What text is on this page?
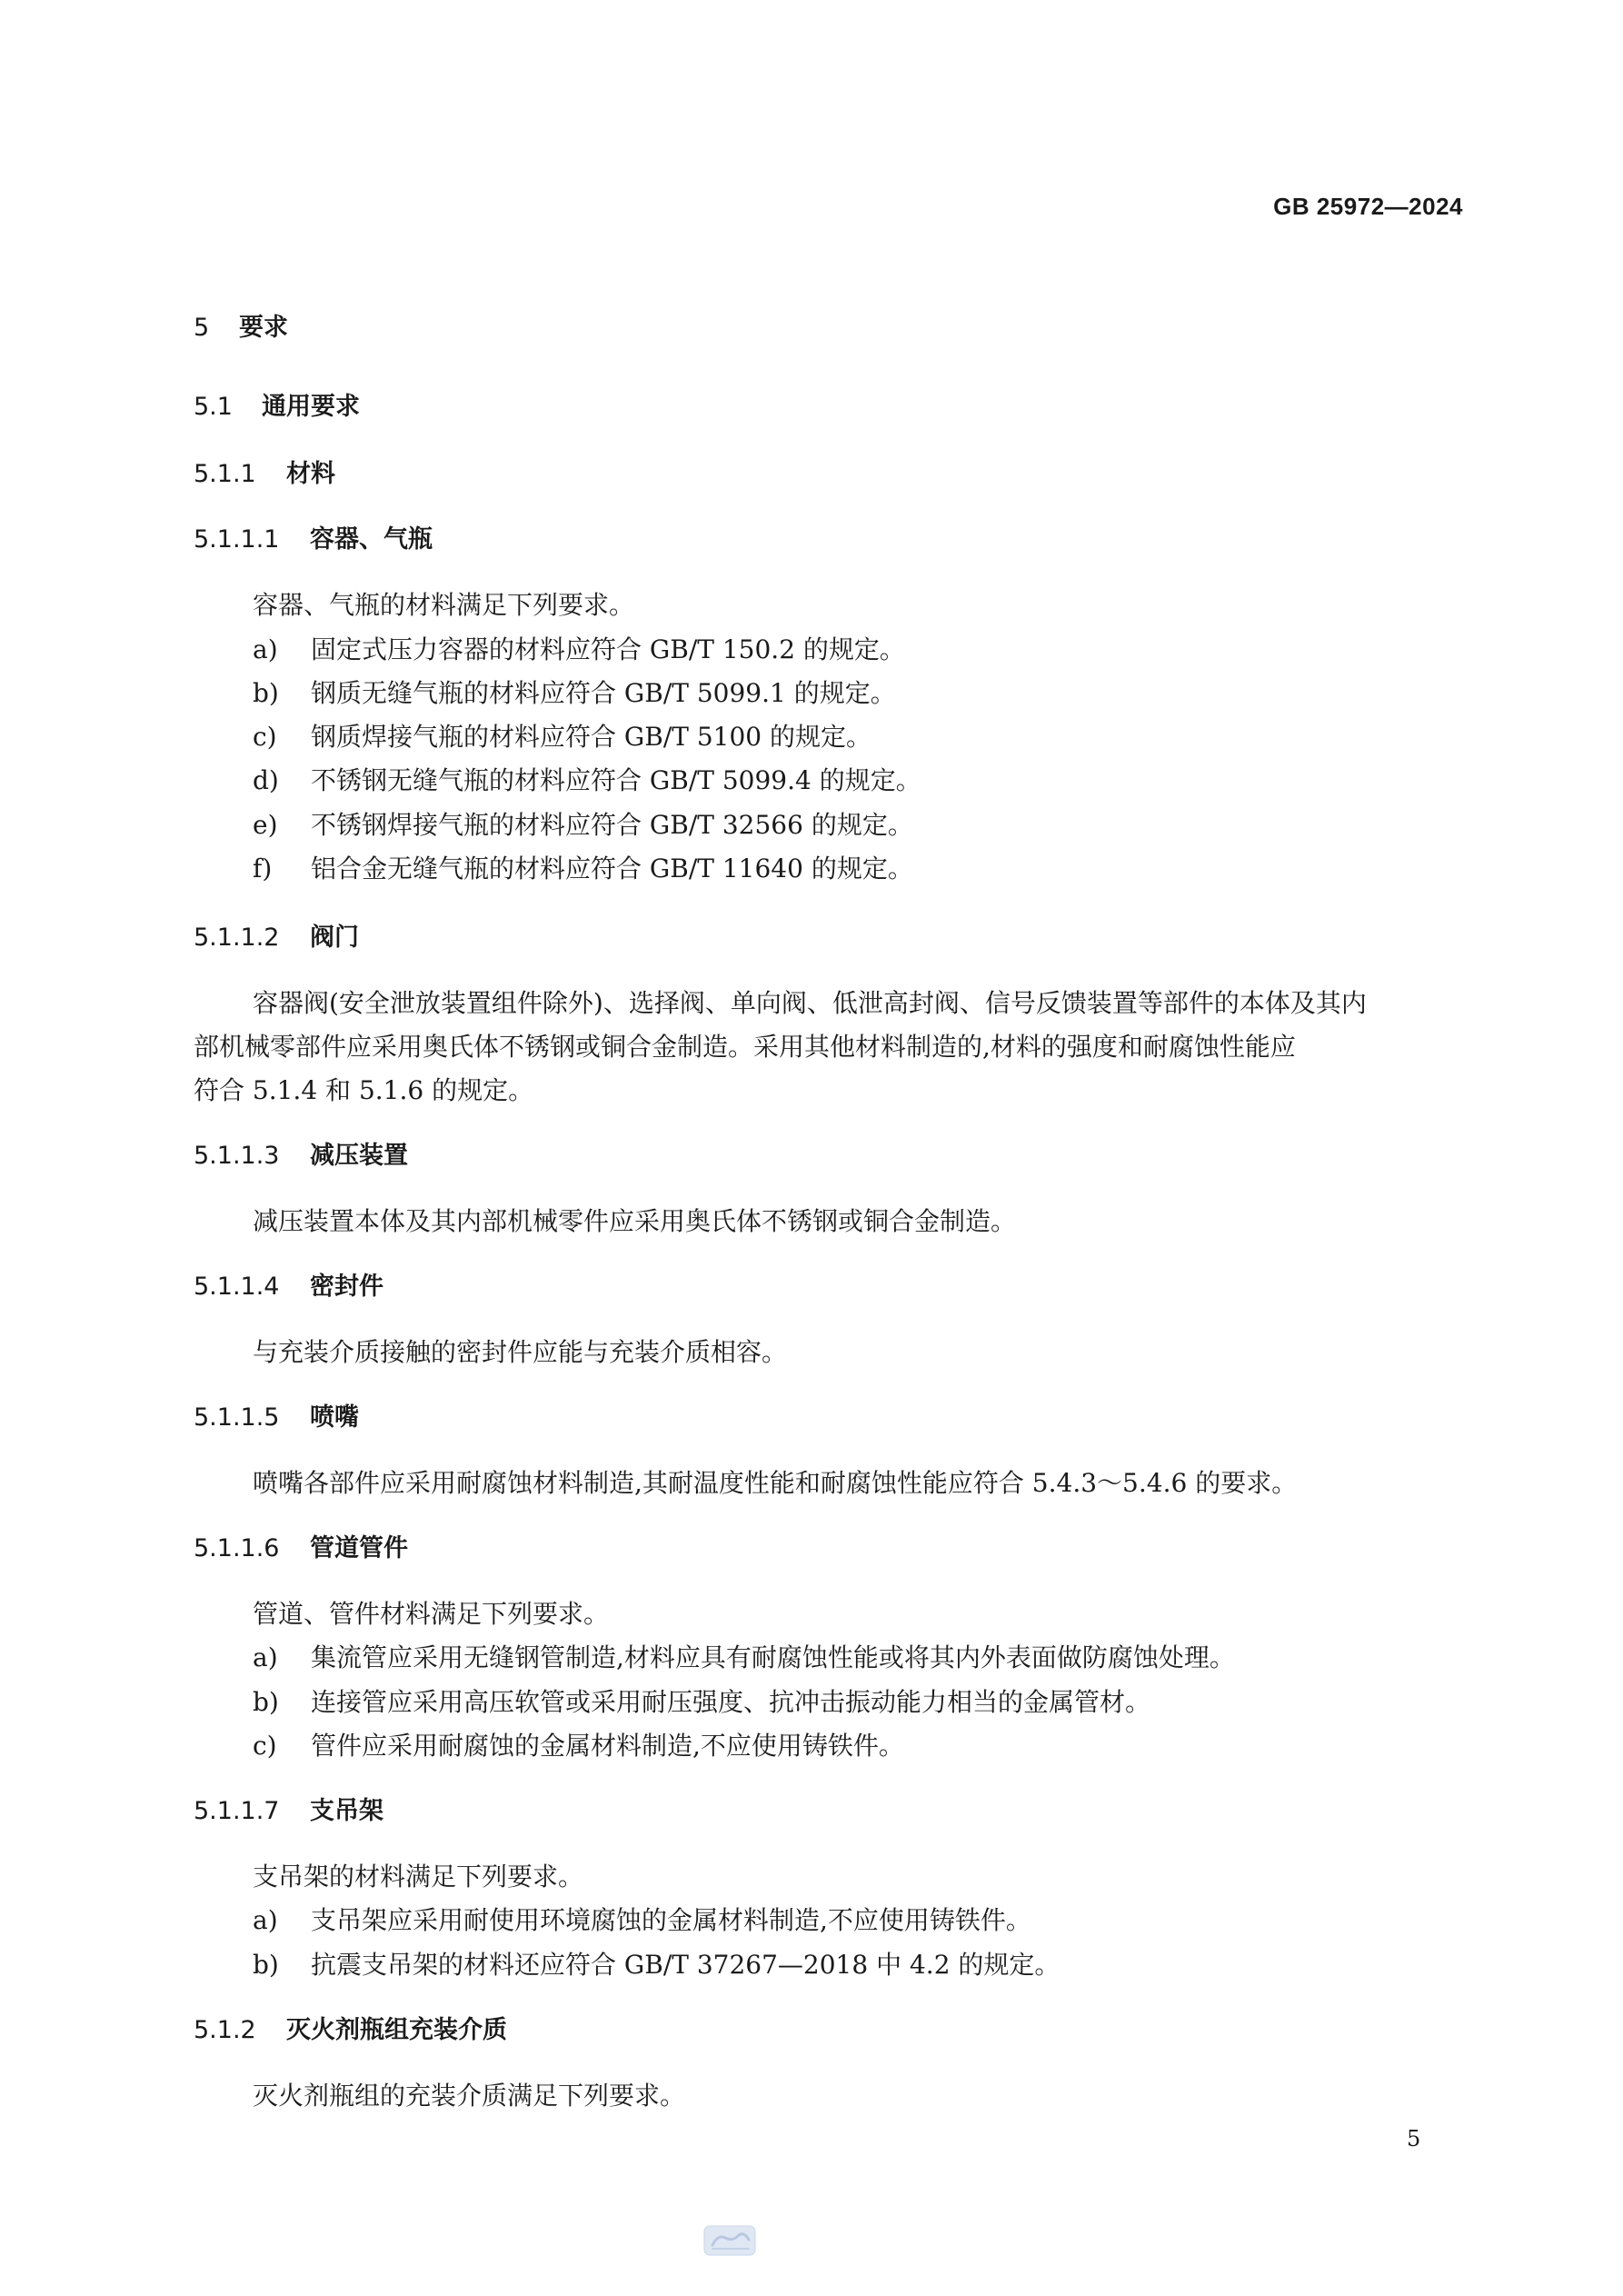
GB 25972—2024
5 要求
5.1 通用要求
5.1.1 材料
5.1.1.1 容器、气瓶
容器、气瓶的材料满足下列要求。
a) 固定式压力容器的材料应符合 GB/T 150.2 的规定。
b) 钢质无缝气瓶的材料应符合 GB/T 5099.1 的规定。
c) 钢质焊接气瓶的材料应符合 GB/T 5100 的规定。
d) 不锈钢无缝气瓶的材料应符合 GB/T 5099.4 的规定。
e) 不锈钢焊接气瓶的材料应符合 GB/T 32566 的规定。
f) 铝合金无缝气瓶的材料应符合 GB/T 11640 的规定。
5.1.1.2 阀门
容器阀(安全泄放装置组件除外)、选择阀、单向阀、低泄高封阀、信号反馈装置等部件的本体及其内
部机械零部件应采用奥氏体不锈钢或铜合金制造。采用其他材料制造的,材料的强度和耐腐蚀性能应
符合 5.1.4 和 5.1.6 的规定。
5.1.1.3 减压装置
减压装置本体及其内部机械零件应采用奥氏体不锈钢或铜合金制造。
5.1.1.4 密封件
与充装介质接触的密封件应能与充装介质相容。
5.1.1.5 喷嘴
喷嘴各部件应采用耐腐蚀材料制造,其耐温度性能和耐腐蚀性能应符合 5.4.3～5.4.6 的要求。
5.1.1.6 管道管件
管道、管件材料满足下列要求。
a) 集流管应采用无缝钢管制造,材料应具有耐腐蚀性能或将其内外表面做防腐蚀处理。
b) 连接管应采用高压软管或采用耐压强度、抗冲击振动能力相当的金属管材。
c) 管件应采用耐腐蚀的金属材料制造,不应使用铸铁件。
5.1.1.7 支吊架
支吊架的材料满足下列要求。
a) 支吊架应采用耐使用环境腐蚀的金属材料制造,不应使用铸铁件。
b) 抗震支吊架的材料还应符合 GB/T 37267—2018 中 4.2 的规定。
5.1.2 灭火剂瓶组充装介质
灭火剂瓶组的充装介质满足下列要求。
5
